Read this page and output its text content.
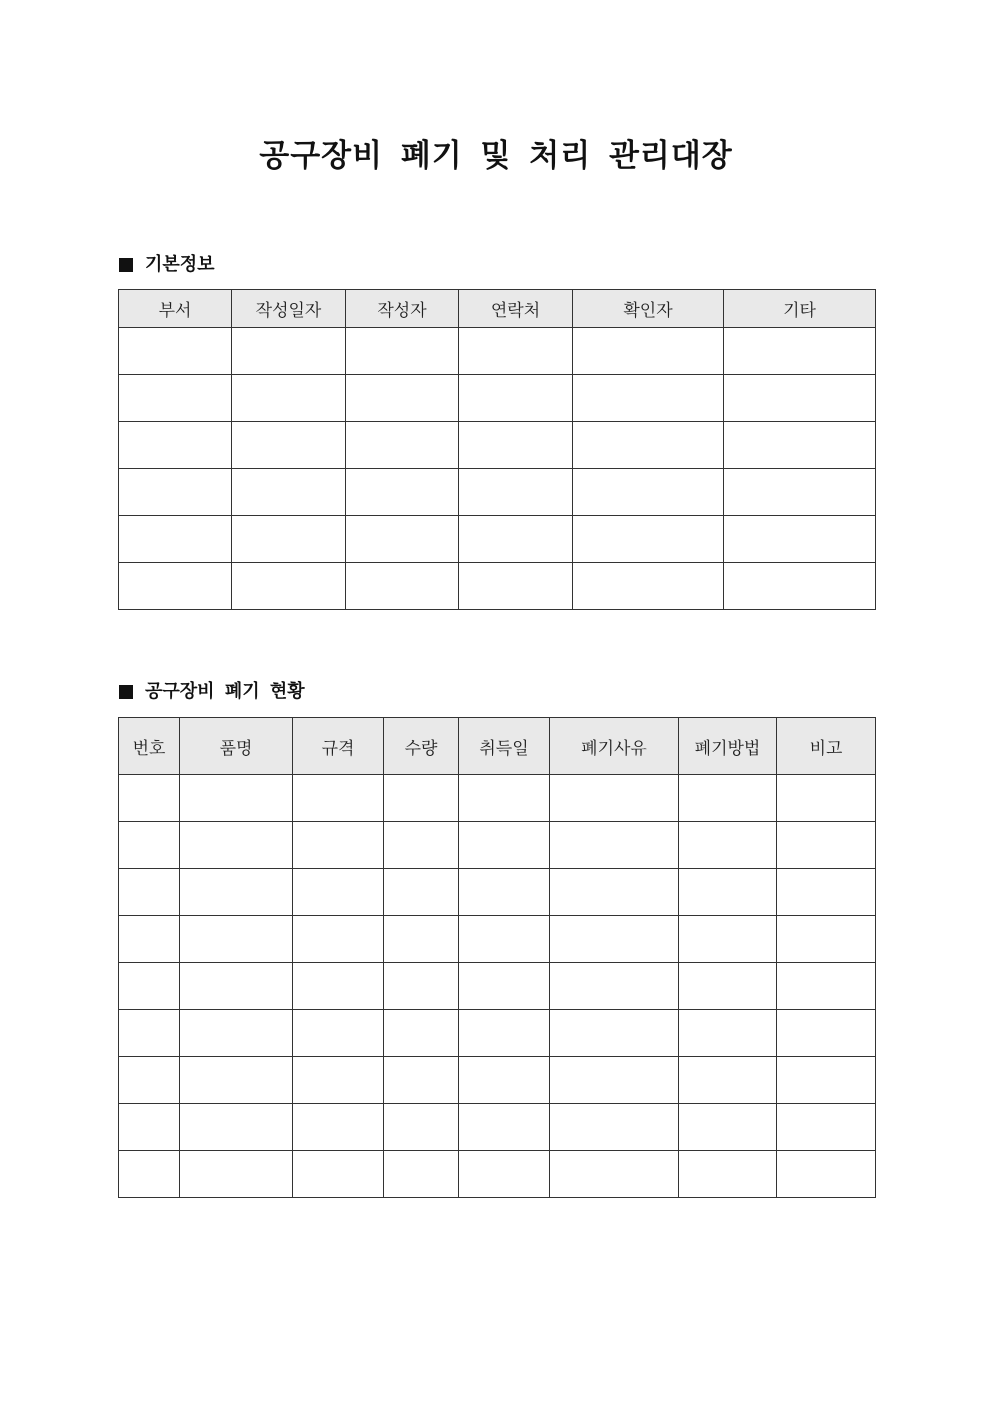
공구장비 폐기 및 처리 관리대장
기본정보
부서	작성일자	작성자	연락처	확인자	기타

공구장비 폐기 현황
번호	품명	규격	수량	취득일	폐기사유	폐기방법	비고
